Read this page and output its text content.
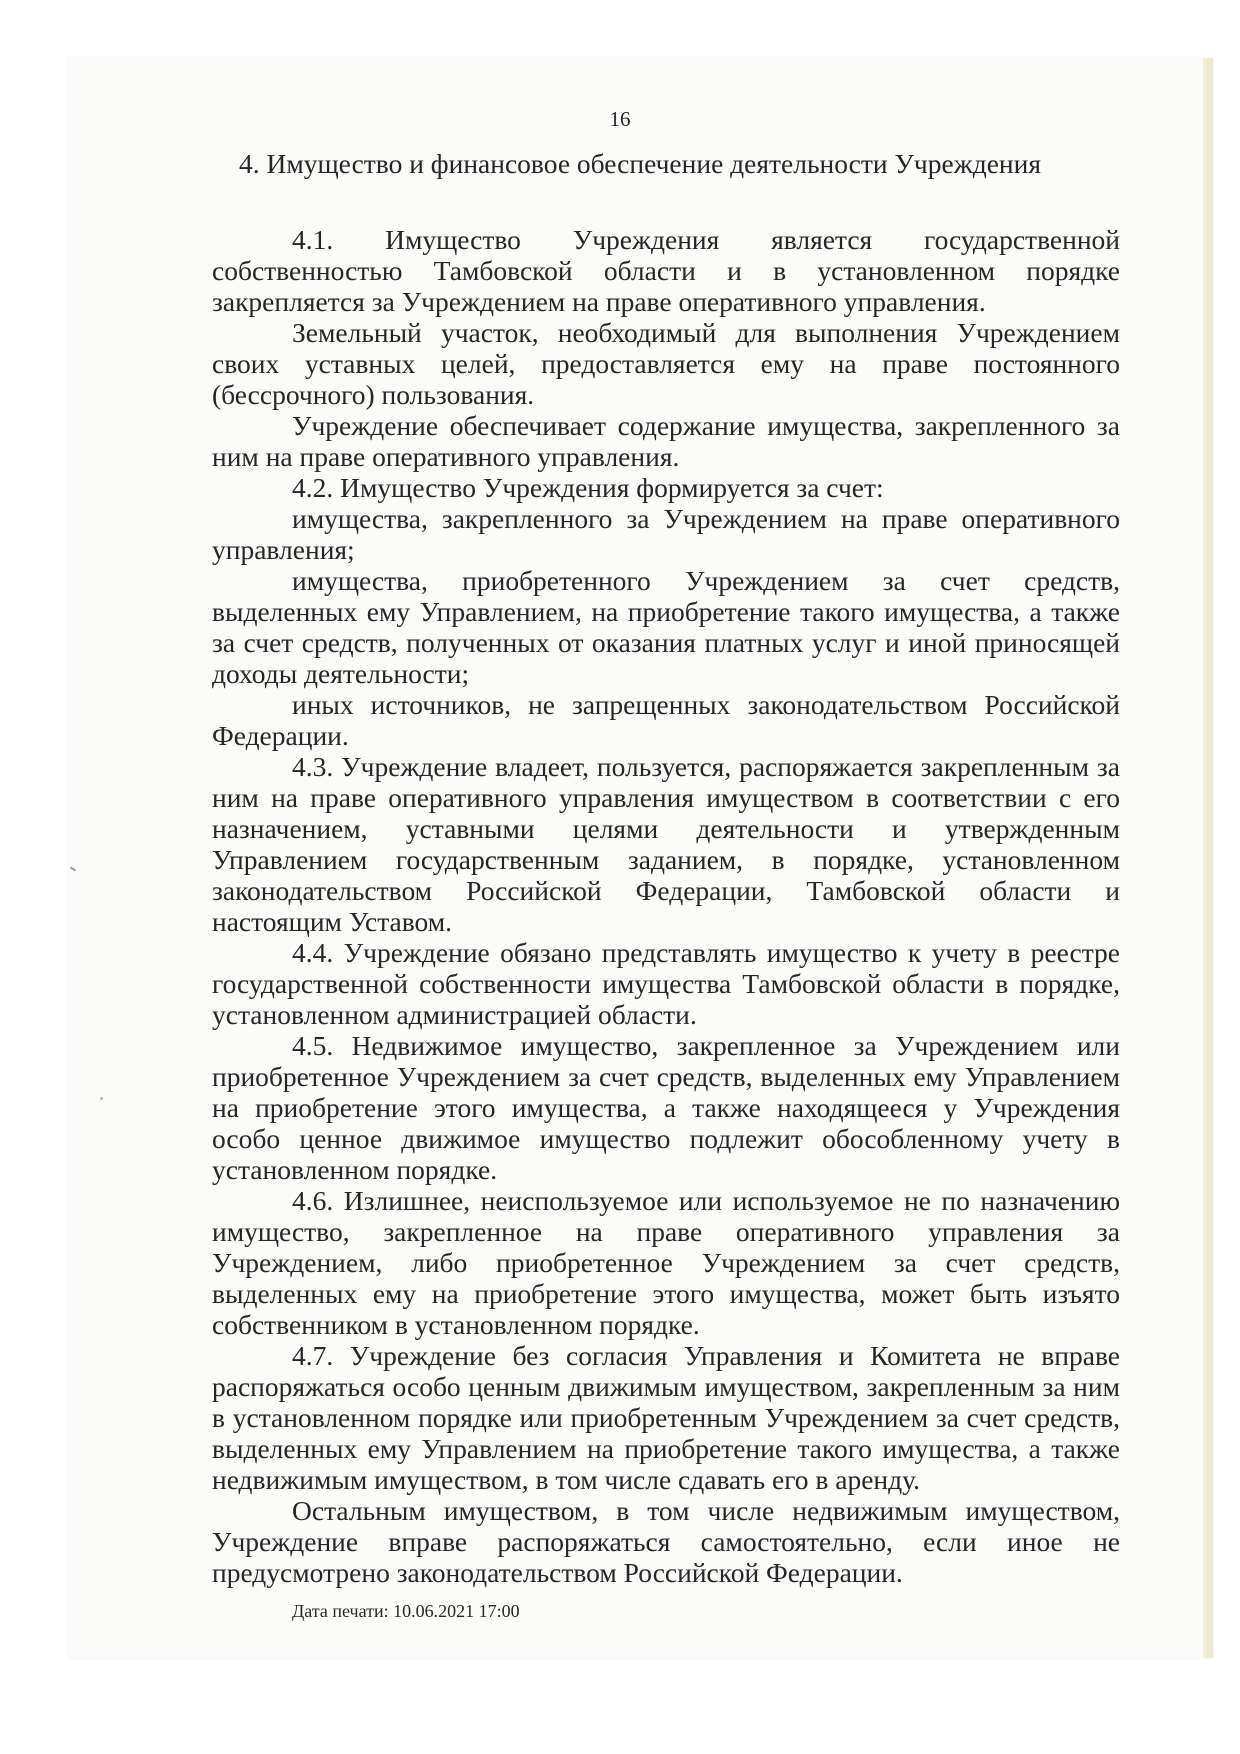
16
4. Имущество и финансовое обеспечение деятельности Учреждения

4.1. Имущество Учреждения является государственной собственностью Тамбовской области и в установленном порядке закрепляется за Учреждением на праве оперативного управления.

Земельный участок, необходимый для выполнения Учреждением своих уставных целей, предоставляется ему на праве постоянного (бессрочного) пользования.

Учреждение обеспечивает содержание имущества, закрепленного за ним на праве оперативного управления.

4.2. Имущество Учреждения формируется за счет:

имущества, закрепленного за Учреждением на праве оперативного управления;

имущества, приобретенного Учреждением за счет средств, выделенных ему Управлением, на приобретение такого имущества, а также за счет средств, полученных от оказания платных услуг и иной приносящей доходы деятельности;

иных источников, не запрещенных законодательством Российской Федерации.

4.3. Учреждение владеет, пользуется, распоряжается закрепленным за ним на праве оперативного управления имуществом в соответствии с его назначением, уставными целями деятельности и утвержденным Управлением государственным заданием, в порядке, установленном законодательством Российской Федерации, Тамбовской области и настоящим Уставом.

4.4. Учреждение обязано представлять имущество к учету в реестре государственной собственности имущества Тамбовской области в порядке, установленном администрацией области.

4.5. Недвижимое имущество, закрепленное за Учреждением или приобретенное Учреждением за счет средств, выделенных ему Управлением на приобретение этого имущества, а также находящееся у Учреждения особо ценное движимое имущество подлежит обособленному учету в установленном порядке.

4.6. Излишнее, неиспользуемое или используемое не по назначению имущество, закрепленное на праве оперативного управления за Учреждением, либо приобретенное Учреждением за счет средств, выделенных ему на приобретение этого имущества, может быть изъято собственником в установленном порядке.

4.7. Учреждение без согласия Управления и Комитета не вправе распоряжаться особо ценным движимым имуществом, закрепленным за ним в установленном порядке или приобретенным Учреждением за счет средств, выделенных ему Управлением на приобретение такого имущества, а также недвижимым имуществом, в том числе сдавать его в аренду.

Остальным имуществом, в том числе недвижимым имуществом, Учреждение вправе распоряжаться самостоятельно, если иное не предусмотрено законодательством Российской Федерации.

Дата печати: 10.06.2021 17:00
